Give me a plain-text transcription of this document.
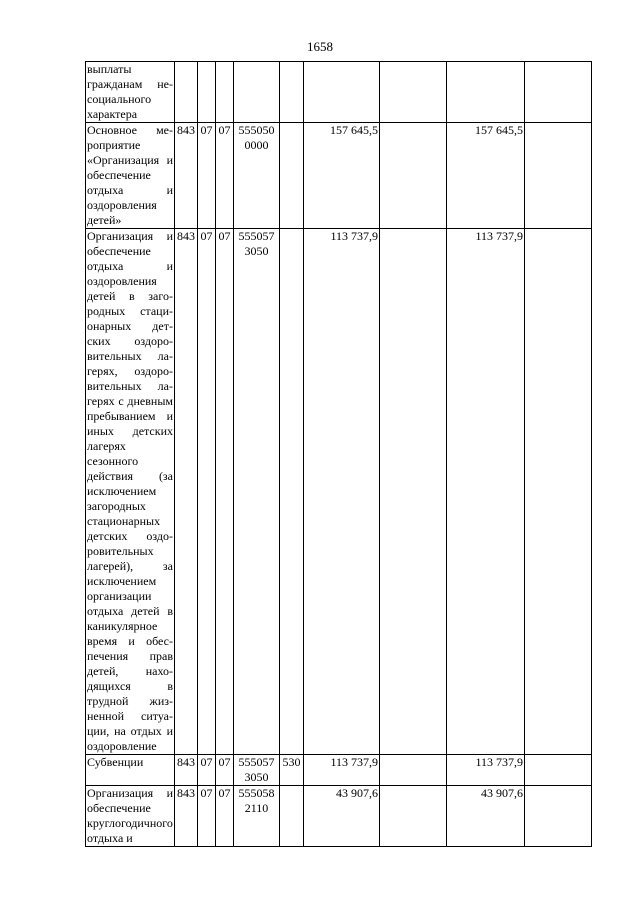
1658
выплаты гражданам несоциального характера									
Основное мероприятие «Организация и обеспечение отдыха и оздоровления детей»	843	07	07	555050 0000		157 645,5		157 645,5	
Организация и обеспечение отдыха и оздоровления детей в загородных стационарных детских оздоровительных лагерях, оздоровительных лагерях с дневным пребыванием и иных детских лагерях сезонного действия (за исключением загородных стационарных детских оздоровительных лагерей), за исключением организации отдыха детей в каникулярное время и обеспечения прав детей, находящихся в трудной жизненной ситуации, на отдых и оздоровление	843	07	07	555057 3050		113 737,9		113 737,9	
Субвенции	843	07	07	555057 3050	530	113 737,9		113 737,9	
Организация и обеспечение круглогодичного отдыха и	843	07	07	555058 2110		43 907,6		43 907,6	
